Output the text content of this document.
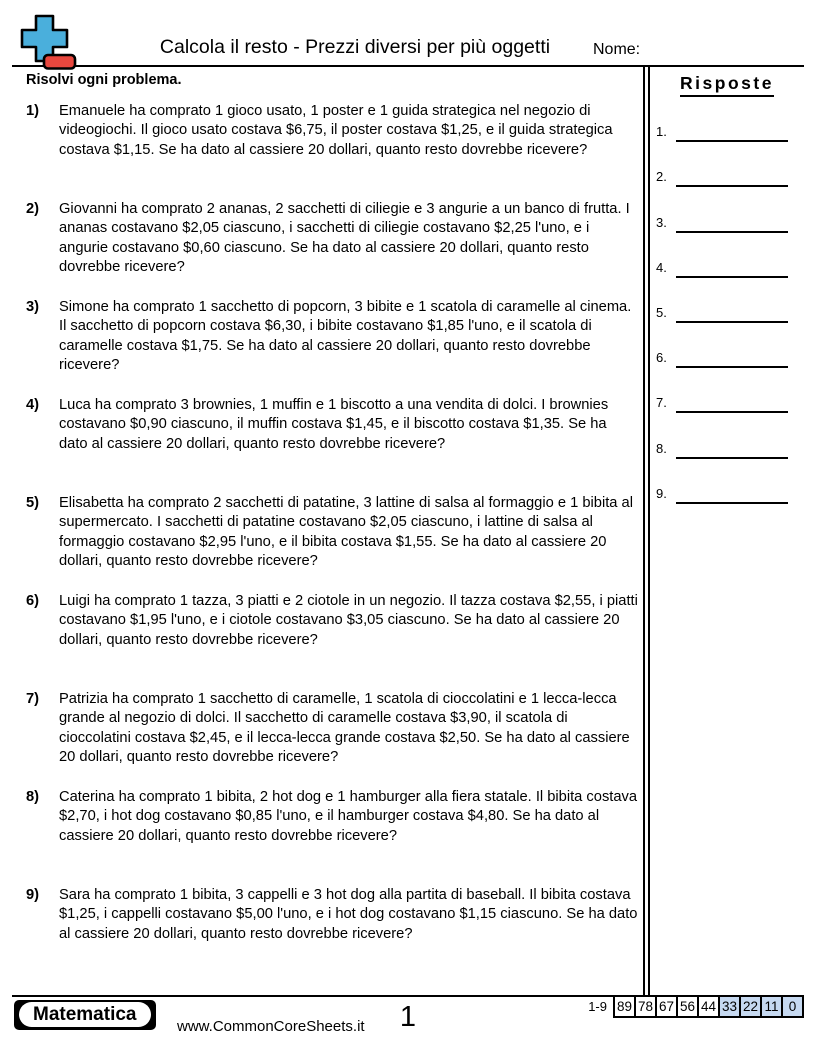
Calcola il resto - Prezzi diversi per più oggetti	Nome:
Risolvi ogni problema.
1)	Emanuele ha comprato 1 gioco usato, 1 poster e 1 guida strategica nel negozio di videogiochi. Il gioco usato costava $6,75, il poster costava $1,25, e il guida strategica costava $1,15. Se ha dato al cassiere 20 dollari, quanto resto dovrebbe ricevere?
2)	Giovanni ha comprato 2 ananas, 2 sacchetti di ciliegie e 3 angurie a un banco di frutta. I ananas costavano $2,05 ciascuno, i sacchetti di ciliegie costavano $2,25 l'uno, e i angurie costavano $0,60 ciascuno. Se ha dato al cassiere 20 dollari, quanto resto dovrebbe ricevere?
3)	Simone ha comprato 1 sacchetto di popcorn, 3 bibite e 1 scatola di caramelle al cinema. Il sacchetto di popcorn costava $6,30, i bibite costavano $1,85 l'uno, e il scatola di caramelle costava $1,75. Se ha dato al cassiere 20 dollari, quanto resto dovrebbe ricevere?
4)	Luca ha comprato 3 brownies, 1 muffin e 1 biscotto a una vendita di dolci. I brownies costavano $0,90 ciascuno, il muffin costava $1,45, e il biscotto costava $1,35. Se ha dato al cassiere 20 dollari, quanto resto dovrebbe ricevere?
5)	Elisabetta ha comprato 2 sacchetti di patatine, 3 lattine di salsa al formaggio e 1 bibita al supermercato. I sacchetti di patatine costavano $2,05 ciascuno, i lattine di salsa al formaggio costavano $2,95 l'uno, e il bibita costava $1,55. Se ha dato al cassiere 20 dollari, quanto resto dovrebbe ricevere?
6)	Luigi ha comprato 1 tazza, 3 piatti e 2 ciotole in un negozio. Il tazza costava $2,55, i piatti costavano $1,95 l'uno, e i ciotole costavano $3,05 ciascuno. Se ha dato al cassiere 20 dollari, quanto resto dovrebbe ricevere?
7)	Patrizia ha comprato 1 sacchetto di caramelle, 1 scatola di cioccolatini e 1 lecca-lecca grande al negozio di dolci. Il sacchetto di caramelle costava $3,90, il scatola di cioccolatini costava $2,45, e il lecca-lecca grande costava $2,50. Se ha dato al cassiere 20 dollari, quanto resto dovrebbe ricevere?
8)	Caterina ha comprato 1 bibita, 2 hot dog e 1 hamburger alla fiera statale. Il bibita costava $2,70, i hot dog costavano $0,85 l'uno, e il hamburger costava $4,80. Se ha dato al cassiere 20 dollari, quanto resto dovrebbe ricevere?
9)	Sara ha comprato 1 bibita, 3 cappelli e 3 hot dog alla partita di baseball. Il bibita costava $1,25, i cappelli costavano $5,00 l'uno, e i hot dog costavano $1,15 ciascuno. Se ha dato al cassiere 20 dollari, quanto resto dovrebbe ricevere?
Risposte
1.
2.
3.
4.
5.
6.
7.
8.
9.
Matematica
www.CommonCoreSheets.it	1	1-9 89 78 67 56 44 33 22 11 0
